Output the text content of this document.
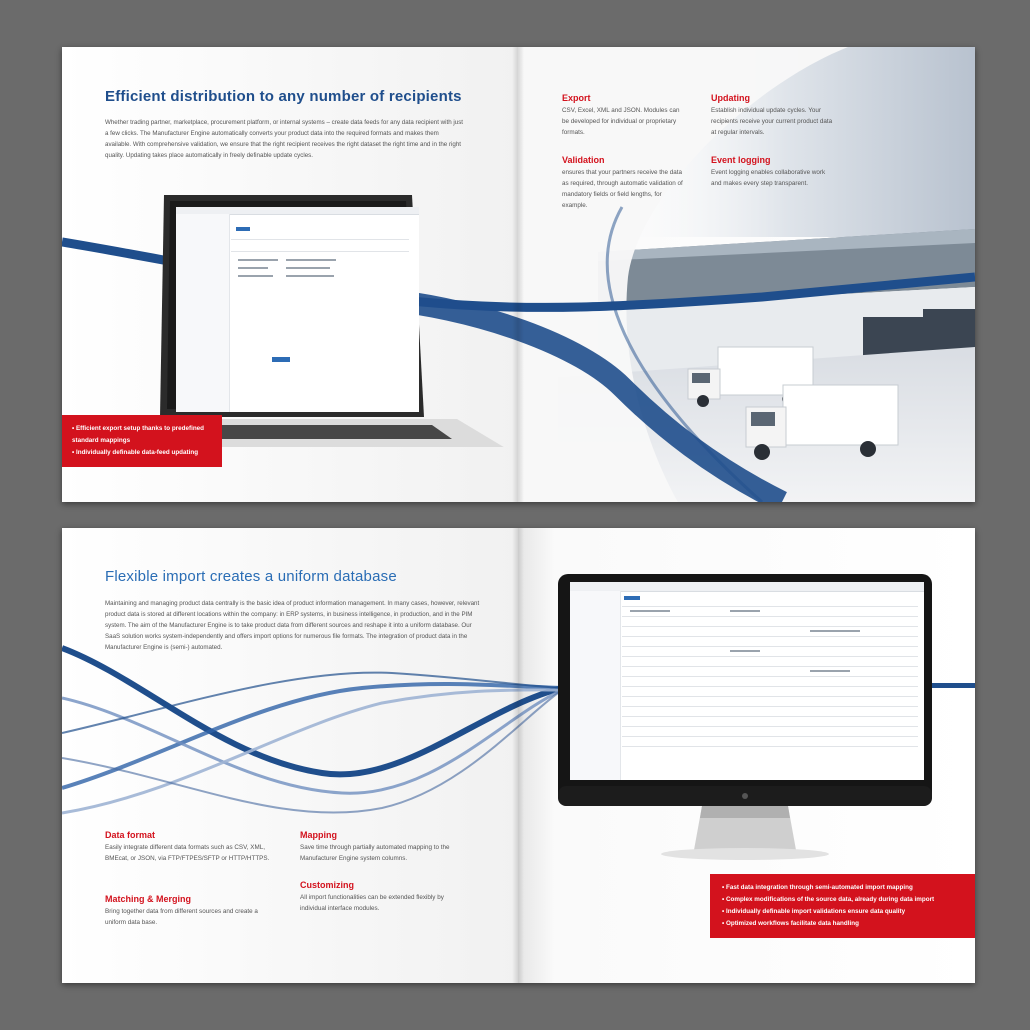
Efficient distribution to any number of recipients
Whether trading partner, marketplace, procurement platform, or internal systems – create data feeds for any data recipient with just a few clicks. The Manufacturer Engine automatically converts your product data into the required formats and makes them available. With comprehensive validation, we ensure that the right recipient receives the right dataset the right time and in the right quality. Updating takes place automatically in freely definable update cycles.
• Efficient export setup thanks to predefined standard mappings
• Individually definable data-feed updating
Export
CSV, Excel, XML and JSON. Modules can be developed for individual or proprietary formats.
Updating
Establish individual update cycles. Your recipients receive your current product data at regular intervals.
Validation
ensures that your partners receive the data as required, through automatic validation of mandatory fields or field lengths, for example.
Event logging
Event logging enables collaborative work and makes every step transparent.
Flexible import creates a uniform database
Maintaining and managing product data centrally is the basic idea of product information management. In many cases, however, relevant product data is stored at different locations within the company: in ERP systems, in business intelligence, in production, and in the PIM system. The aim of the Manufacturer Engine is to take product data from different sources and reshape it into a uniform database. Our SaaS solution works system-independently and offers import options for numerous file formats. The integration of product data in the Manufacturer Engine is (semi-) automated.
Data format
Easily integrate different data formats such as CSV, XML, BMEcat, or JSON, via FTP/FTPES/SFTP or HTTP/HTTPS.
Mapping
Save time through partially automated mapping to the Manufacturer Engine system columns.
Matching & Merging
Bring together data from different sources and create a uniform data base.
Customizing
All import functionalities can be extended flexibly by individual interface modules.
• Fast data integration through semi-automated import mapping
• Complex modifications of the source data, already during data import
• Individually definable import validations ensure data quality
• Optimized workflows facilitate data handling
